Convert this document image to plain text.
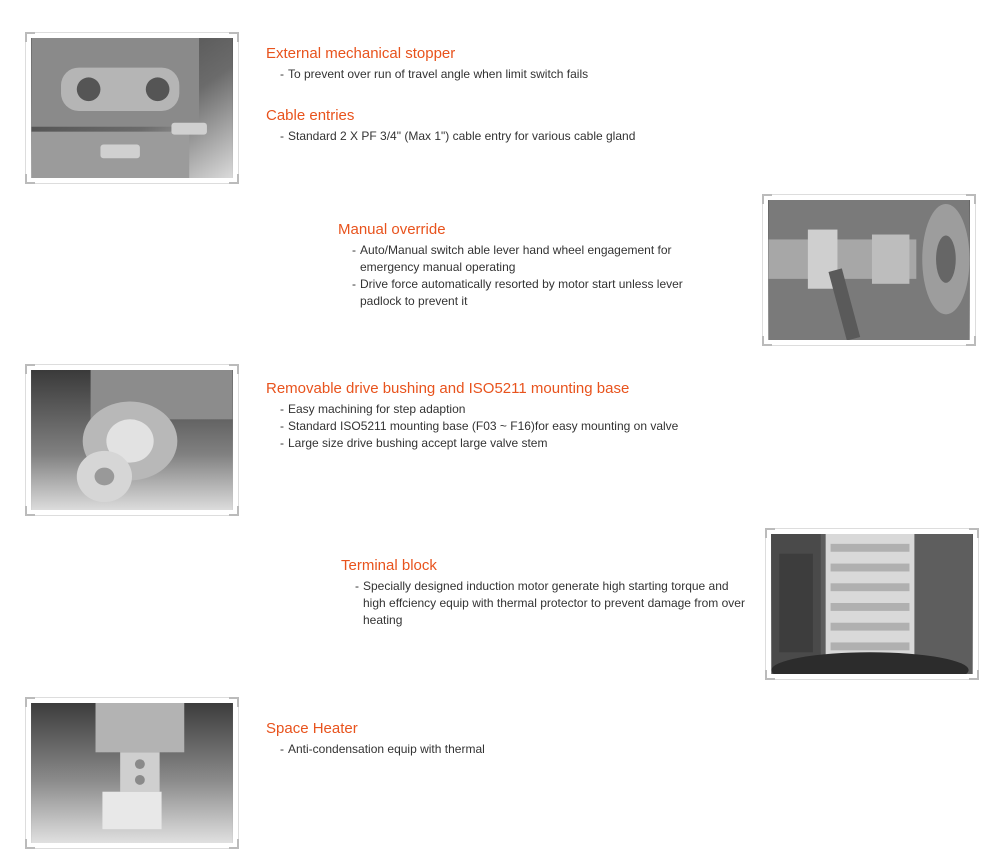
External mechanical stopper
- To prevent over run of travel angle when limit switch fails
Cable entries
- Standard 2 X PF 3/4" (Max 1") cable entry for various cable gland
Manual override
- Auto/Manual switch able lever hand wheel engagement for emergency manual operating
- Drive force automatically resorted by motor start unless lever padlock to prevent it
Removable drive bushing and ISO5211 mounting base
- Easy machining for step adaption
- Standard ISO5211 mounting base (F03 ~ F16)for easy mounting on valve
- Large size drive bushing accept large valve stem
Terminal block
- Specially designed induction motor generate high starting torque and high effciency equip with thermal protector to prevent damage from over heating
Space Heater
- Anti-condensation equip with thermal
